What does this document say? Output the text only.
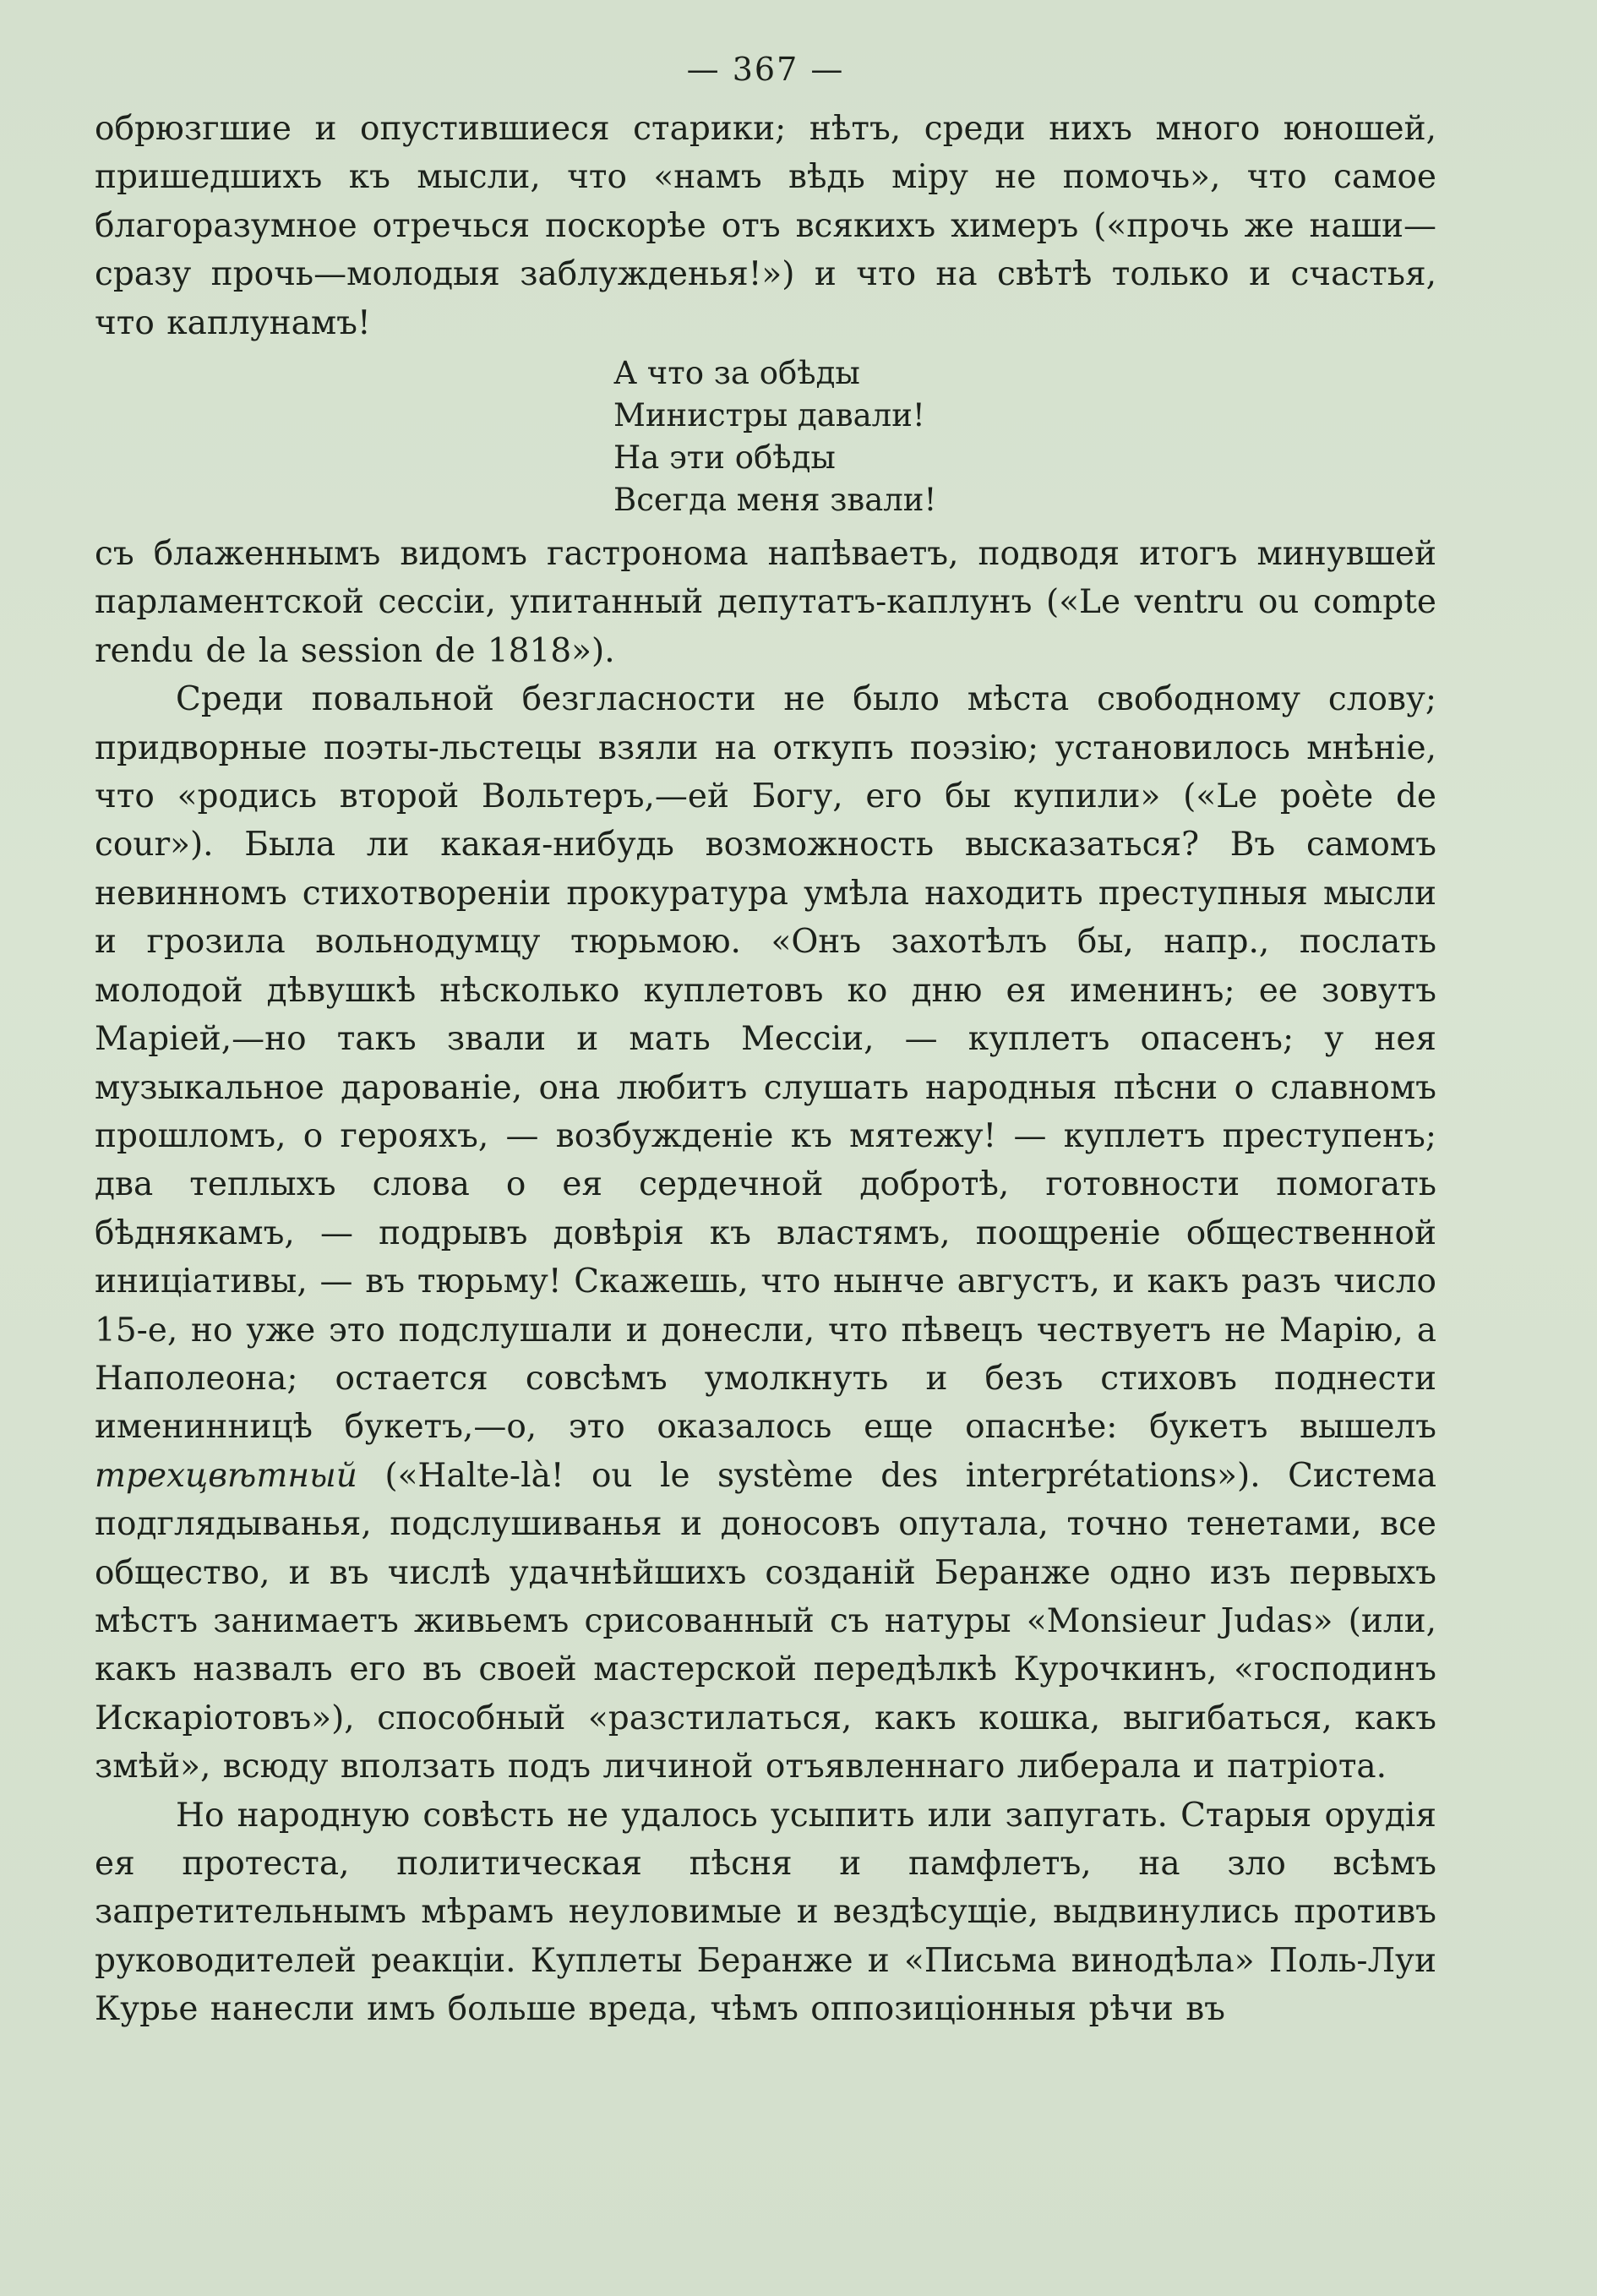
— 367 —

обрюзгшие и опустившиеся старики; нѣтъ, среди нихъ много юношей, пришедшихъ къ мысли, что «намъ вѣдь міру не помочь», что самое благоразумное отречься поскорѣе отъ всякихъ химеръ («прочь же наши—сразу прочь—молодыя заблужденья!») и что на свѣтѣ только и счастья, что каплунамъ!

А что за обѣды
Министры давали!
На эти обѣды
Всегда меня звали!

съ блаженнымъ видомъ гастронома напѣваетъ, подводя итогъ минувшей парламентской сессіи, упитанный депутатъ-каплунъ («Le ventru ou compte rendu de la session de 1818»).

Среди повальной безгласности не было мѣста свободному слову; придворные поэты-льстецы взяли на откупъ поэзію; установилось мнѣніе, что «родись второй Вольтеръ,—ей Богу, его бы купили» («Le poète de cour»). Была ли какая-нибудь возможность высказаться? Въ самомъ невинномъ стихотвореніи прокуратура умѣла находить преступныя мысли и грозила вольнодумцу тюрьмою. «Онъ захотѣлъ бы, напр., послать молодой дѣвушкѣ нѣсколько куплетовъ ко дню ея именинъ; ее зовутъ Маріей,—но такъ звали и мать Мессіи, — куплетъ опасенъ; у нея музыкальное дарованіе, она любитъ слушать народныя пѣсни о славномъ прошломъ, о герояхъ, — возбужденіе къ мятежу! — куплетъ преступенъ; два теплыхъ слова о ея сердечной добротѣ, готовности помогать бѣднякамъ, — подрывъ довѣрія къ властямъ, поощреніе общественной иниціативы, — въ тюрьму! Скажешь, что нынче августъ, и какъ разъ число 15-е, но уже это подслушали и донесли, что пѣвецъ чествуетъ не Марію, а Наполеона; остается совсѣмъ умолкнуть и безъ стиховъ поднести именинницѣ букетъ,—о, это оказалось еще опаснѣе: букетъ вышелъ трехцвѣтный («Halte-là! ou le système des interprétations»). Система подглядыванья, подслушиванья и доносовъ опутала, точно тенетами, все общество, и въ числѣ удачнѣйшихъ созданій Беранже одно изъ первыхъ мѣстъ занимаетъ живьемъ срисованный съ натуры «Monsieur Judas» (или, какъ назвалъ его въ своей мастерской передѣлкѣ Курочкинъ, «господинъ Искаріотовъ»), способный «разстилаться, какъ кошка, выгибаться, какъ змѣй», всюду вползать подъ личиной отъявленнаго либерала и патріота.

Но народную совѣсть не удалось усыпить или запугать. Старыя орудія ея протеста, политическая пѣсня и памфлетъ, на зло всѣмъ запретительнымъ мѣрамъ неуловимые и вездѣсущіе, выдвинулись противъ руководителей реакціи. Куплеты Беранже и «Письма винодѣла» Поль-Луи Курье нанесли имъ больше вреда, чѣмъ оппозиціонныя рѣчи въ
